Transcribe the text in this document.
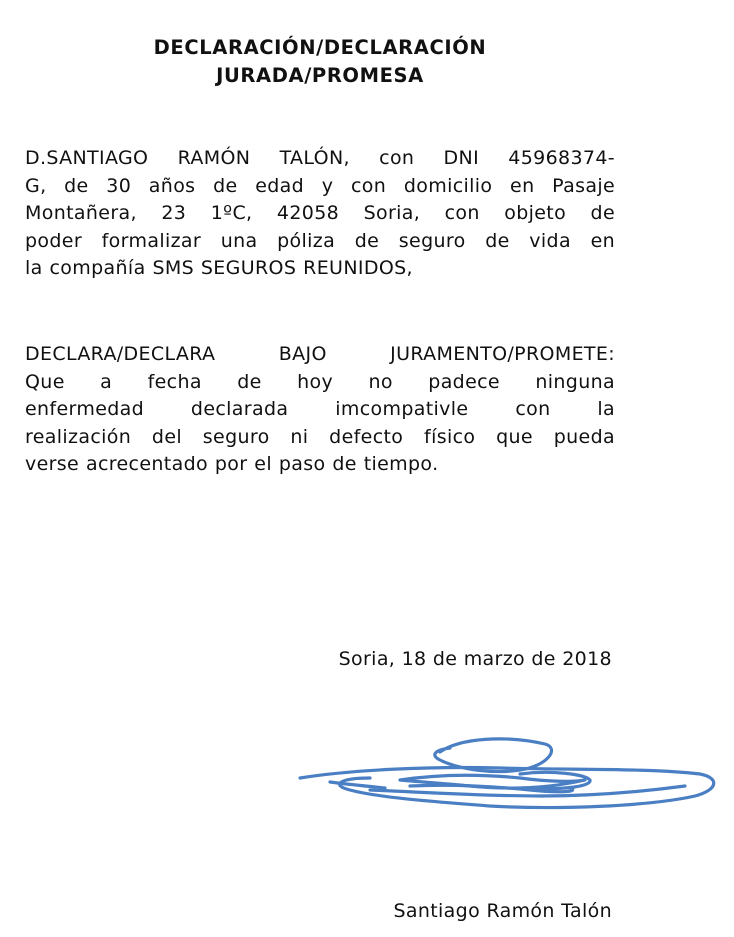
DECLARACIÓN/DECLARACIÓN
JURADA/PROMESA
D.SANTIAGO RAMÓN TALÓN, con DNI 45968374-
G, de 30 años de edad y con domicilio en Pasaje
Montañera, 23 1ºC, 42058 Soria, con objeto de
poder formalizar una póliza de seguro de vida en
la compañía SMS SEGUROS REUNIDOS,
DECLARA/DECLARA BAJO JURAMENTO/PROMETE:
Que a fecha de hoy no padece ninguna
enfermedad declarada imcompativle con la
realización del seguro ni defecto físico que pueda
verse acrecentado por el paso de tiempo.
Soria, 18 de marzo de 2018
Santiago Ramón Talón
